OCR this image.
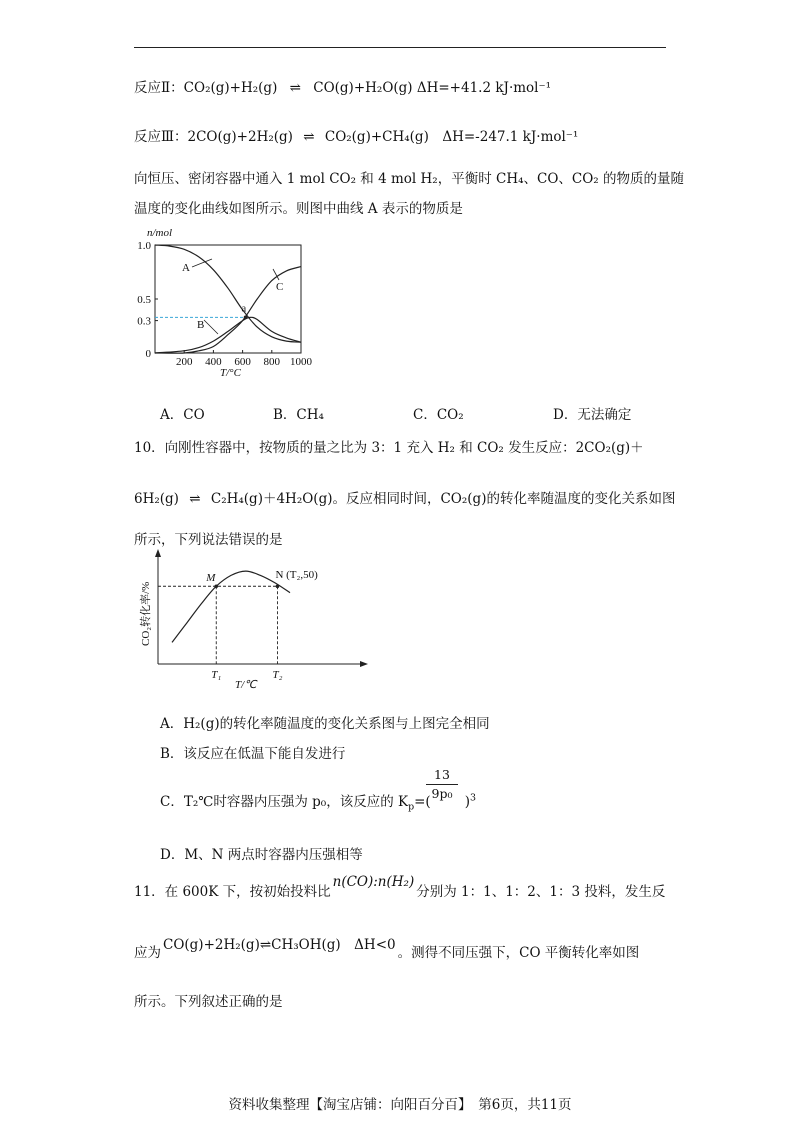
反应Ⅱ：CO₂(g)+H₂(g) ⇌ CO(g)+H₂O(g) ΔH=+41.2 kJ·mol⁻¹
反应Ⅲ：2CO(g)+2H₂(g) ⇌ CO₂(g)+CH₄(g)　ΔH=-247.1 kJ·mol⁻¹
向恒压、密闭容器中通入 1 mol CO₂ 和 4 mol H₂，平衡时 CH₄、CO、CO₂ 的物质的量随
温度的变化曲线如图所示。则图中曲线 A 表示的物质是
n/mol
1.0
0.5
0.3
0
200 400 600 800 1000
A
B
C
a
T/°C
A．CO	B．CH₄	C．CO₂	D．无法确定
10．向刚性容器中，按物质的量之比为 3：1 充入 H₂ 和 CO₂ 发生反应：2CO₂(g)＋
6H₂(g) ⇌ C₂H₄(g)＋4H₂O(g)。反应相同时间，CO₂(g)的转化率随温度的变化关系如图
所示，下列说法错误的是
CO₂转化率/%
M	N (T₂,50)
T₁	T₂
T/℃
A．H₂(g)的转化率随温度的变化关系图与上图完全相同
B．该反应在低温下能自发进行
C．T₂℃时容器内压强为 p₀，该反应的 $K_p=$(	)$^3$
13
9p₀
D．M、N 两点时容器内压强相等
11．在 600K 下，按初始投料比n(CO):n(H₂)分别为 1：1、1：2、1：3 投料，发生反
应为 CO(g)+2H₂(g)⇌CH₃OH(g)　ΔH<0 。测得不同压强下，CO 平衡转化率如图
所示。下列叙述正确的是
资料收集整理【淘宝店铺：向阳百分百】　第6页，共11页
